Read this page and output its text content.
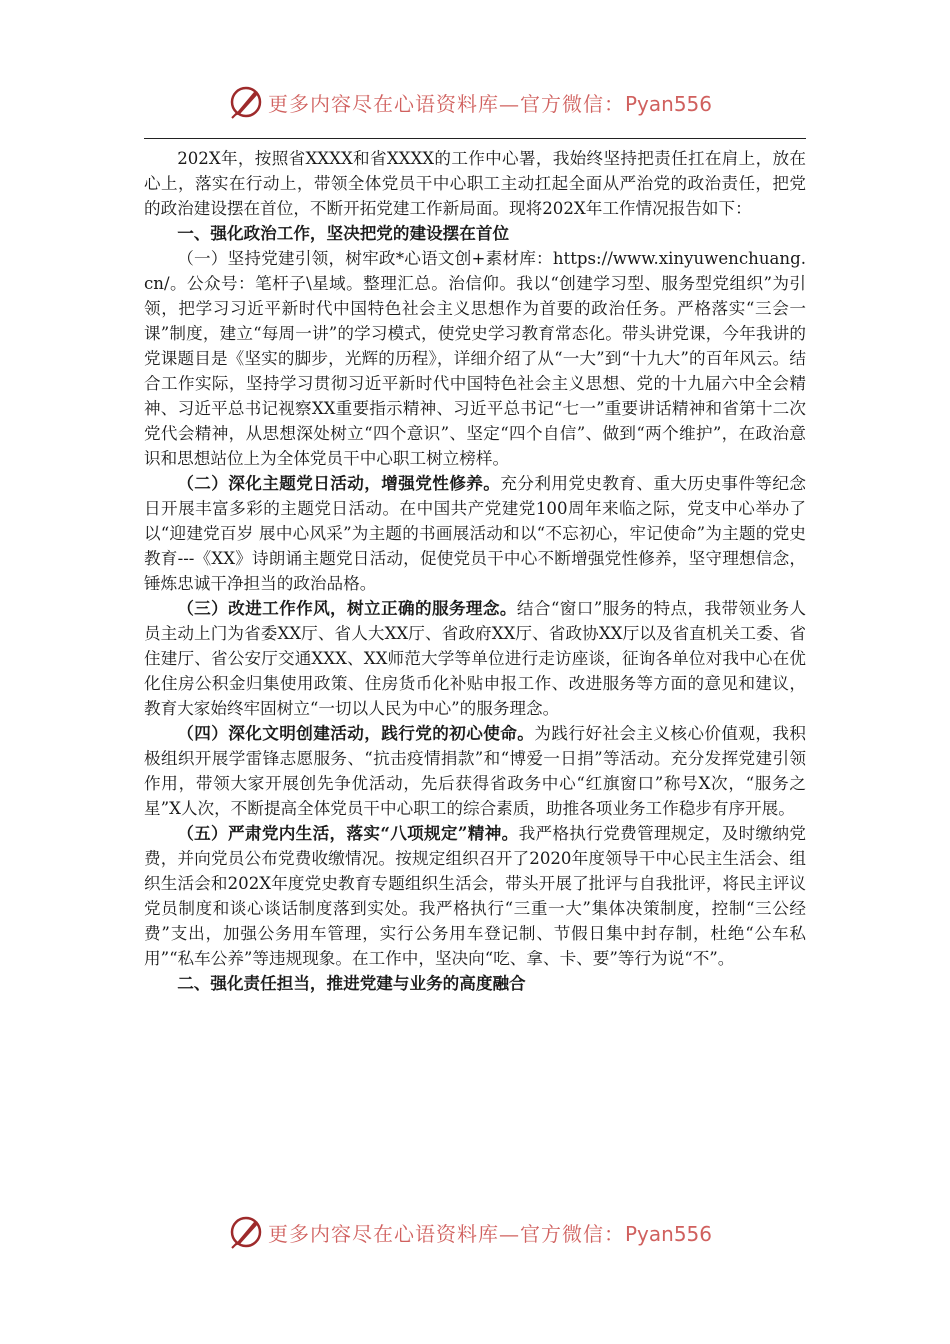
更多内容尽在心语资料库—官方微信：Pyan556

202X年，按照省XXXX和省XXXX的工作中心署，我始终坚持把责任扛在肩上，放在心上，落实在行动上，带领全体党员干中心职工主动扛起全面从严治党的政治责任，把党的政治建设摆在首位，不断开拓党建工作新局面。现将202X年工作情况报告如下：

一、强化政治工作，坚决把党的建设摆在首位

（一）坚持党建引领，树牢政*心语文创+素材库：https://www.xinyuwenchuang.cn/。公众号：笔杆子\星域。整理汇总。治信仰。我以“创建学习型、服务型党组织”为引领，把学习习近平新时代中国特色社会主义思想作为首要的政治任务。严格落实“三会一课”制度，建立“每周一讲”的学习模式，使党史学习教育常态化。带头讲党课，今年我讲的党课题目是《坚实的脚步，光辉的历程》，详细介绍了从“一大”到“十九大”的百年风云。结合工作实际，坚持学习贯彻习近平新时代中国特色社会主义思想、党的十九届六中全会精神、习近平总书记视察XX重要指示精神、习近平总书记“七一”重要讲话精神和省第十二次党代会精神，从思想深处树立“四个意识”、坚定“四个自信”、做到“两个维护”，在政治意识和思想站位上为全体党员干中心职工树立榜样。

（二）深化主题党日活动，增强党性修养。充分利用党史教育、重大历史事件等纪念日开展丰富多彩的主题党日活动。在中国共产党建党100周年来临之际，党支中心举办了以“迎建党百岁 展中心风采”为主题的书画展活动和以“不忘初心，牢记使命”为主题的党史教育---《XX》诗朗诵主题党日活动，促使党员干中心不断增强党性修养，坚守理想信念，锤炼忠诚干净担当的政治品格。

（三）改进工作作风，树立正确的服务理念。结合“窗口”服务的特点，我带领业务人员主动上门为省委XX厅、省人大XX厅、省政府XX厅、省政协XX厅以及省直机关工委、省住建厅、省公安厅交通XXX、XX师范大学等单位进行走访座谈，征询各单位对我中心在优化住房公积金归集使用政策、住房货币化补贴申报工作、改进服务等方面的意见和建议，教育大家始终牢固树立“一切以人民为中心”的服务理念。

（四）深化文明创建活动，践行党的初心使命。为践行好社会主义核心价值观，我积极组织开展学雷锋志愿服务、“抗击疫情捐款”和“博爱一日捐”等活动。充分发挥党建引领作用，带领大家开展创先争优活动，先后获得省政务中心“红旗窗口”称号X次，“服务之星”X人次，不断提高全体党员干中心职工的综合素质，助推各项业务工作稳步有序开展。

（五）严肃党内生活，落实“八项规定”精神。我严格执行党费管理规定，及时缴纳党费，并向党员公布党费收缴情况。按规定组织召开了2020年度领导干中心民主生活会、组织生活会和202X年度党史教育专题组织生活会，带头开展了批评与自我批评，将民主评议党员制度和谈心谈话制度落到实处。我严格执行“三重一大”集体决策制度，控制“三公经费”支出，加强公务用车管理，实行公务用车登记制、节假日集中封存制，杜绝“公车私用”“私车公养”等违规现象。在工作中，坚决向“吃、拿、卡、要”等行为说“不”。

二、强化责任担当，推进党建与业务的高度融合

更多内容尽在心语资料库—官方微信：Pyan556
